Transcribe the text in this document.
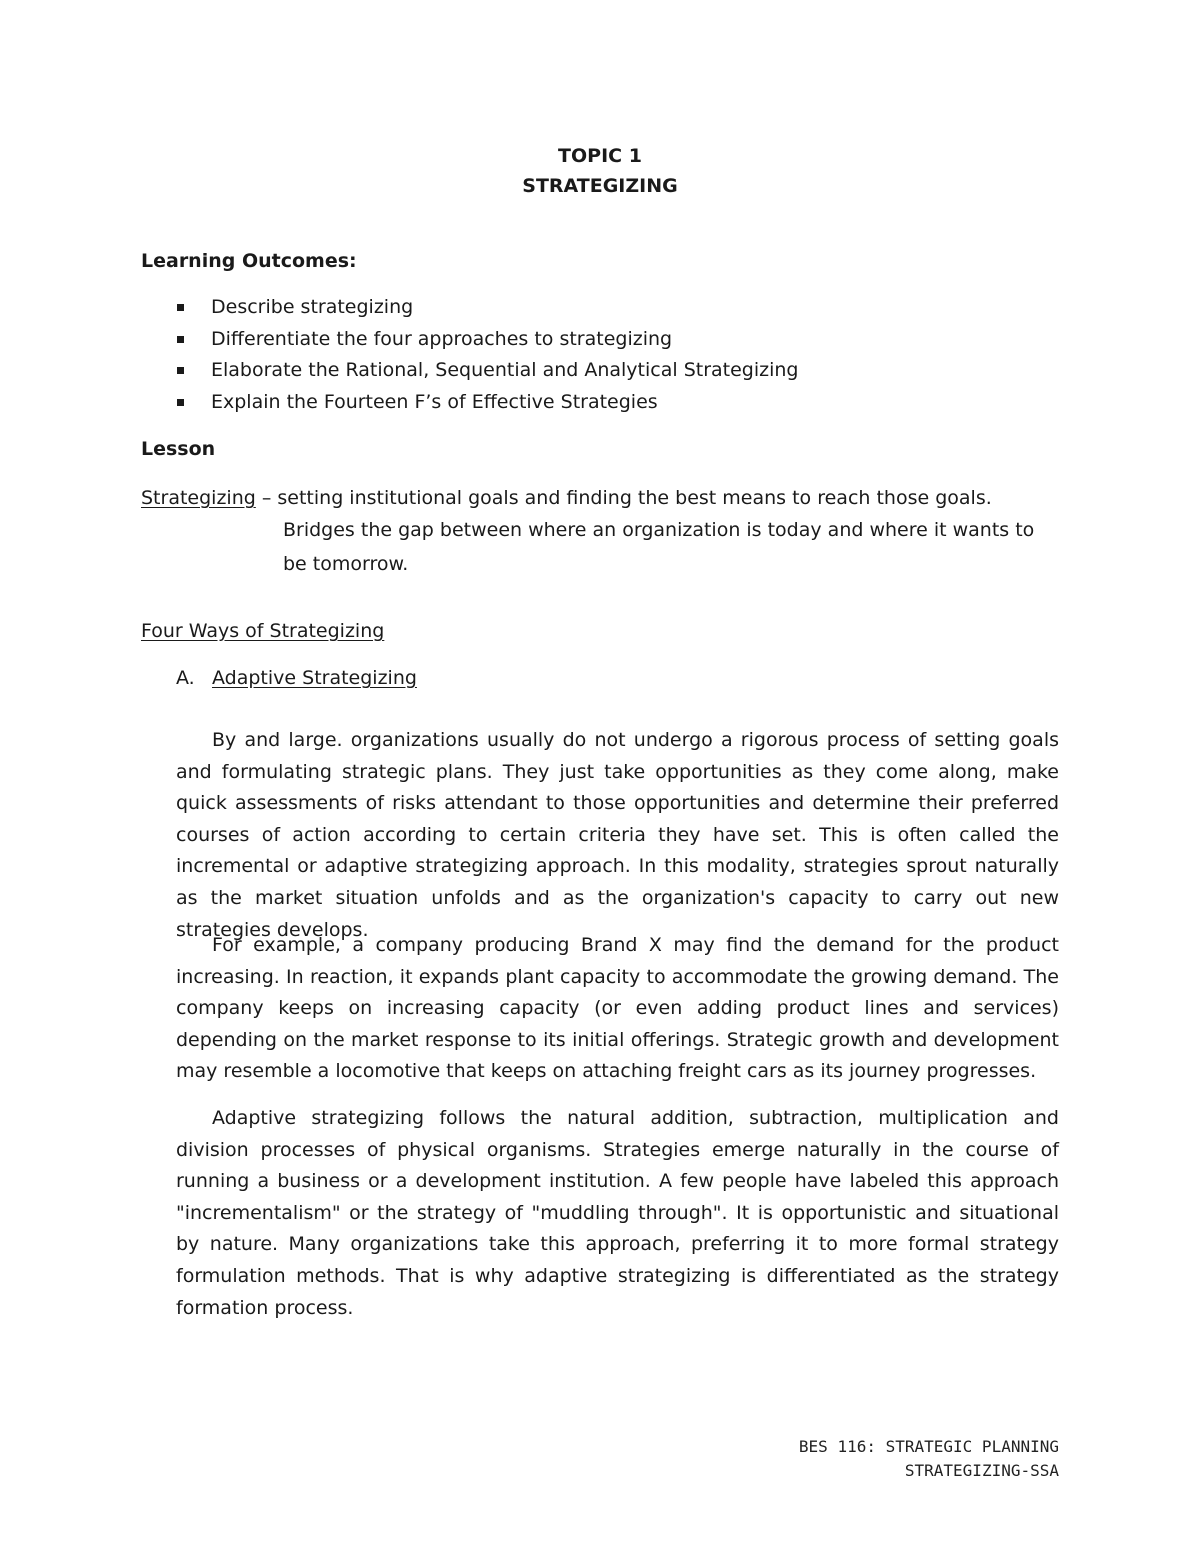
TOPIC 1
STRATEGIZING
Learning Outcomes:
Describe strategizing
Differentiate the four approaches to strategizing
Elaborate the Rational, Sequential and Analytical Strategizing
Explain the Fourteen F’s of Effective Strategies
Lesson
Strategizing – setting institutional goals and finding the best means to reach those goals.
Bridges the gap between where an organization is today and where it wants to be tomorrow.
Four Ways of Strategizing
A. Adaptive Strategizing

By and large. organizations usually do not undergo a rigorous process of setting goals and formulating strategic plans. They just take opportunities as they come along, make quick assessments of risks attendant to those opportunities and determine their preferred courses of action according to certain criteria they have set. This is often called the incremental or adaptive strategizing approach. In this modality, strategies sprout naturally as the market situation unfolds and as the organization's capacity to carry out new strategies develops.

For example, a company producing Brand X may find the demand for the product increasing. In reaction, it expands plant capacity to accommodate the growing demand. The company keeps on increasing capacity (or even adding product lines and services) depending on the market response to its initial offerings. Strategic growth and development may resemble a locomotive that keeps on attaching freight cars as its journey progresses.

Adaptive strategizing follows the natural addition, subtraction, multiplication and division processes of physical organisms. Strategies emerge naturally in the course of running a business or a development institution. A few people have labeled this approach "incrementalism" or the strategy of "muddling through". It is opportunistic and situational by nature. Many organizations take this approach, preferring it to more formal strategy formulation methods. That is why adaptive strategizing is differentiated as the strategy formation process.

BES 116: STRATEGIC PLANNING
STRATEGIZING-SSA
